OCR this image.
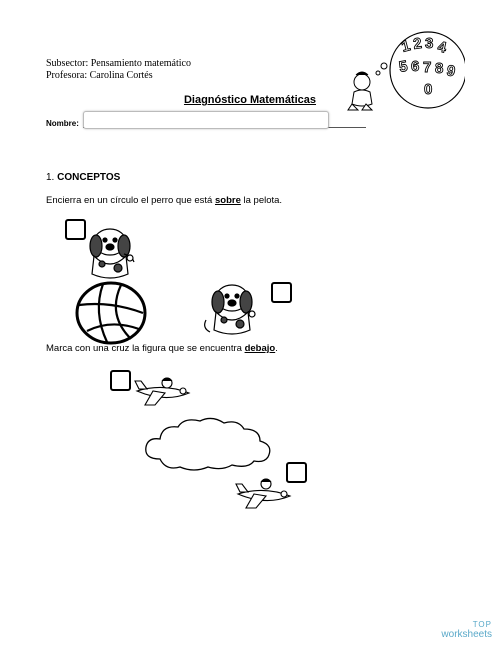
Subsector: Pensamiento matemático
Profesora: Carolina Cortés
1 2 3 4
5 6 7 8 9
0
Diagnóstico Matemáticas
Nombre:
1. CONCEPTOS
Encierra en un círculo el perro que está sobre la pelota.
Marca con una cruz la figura que se encuentra debajo.
TOP
worksheets
